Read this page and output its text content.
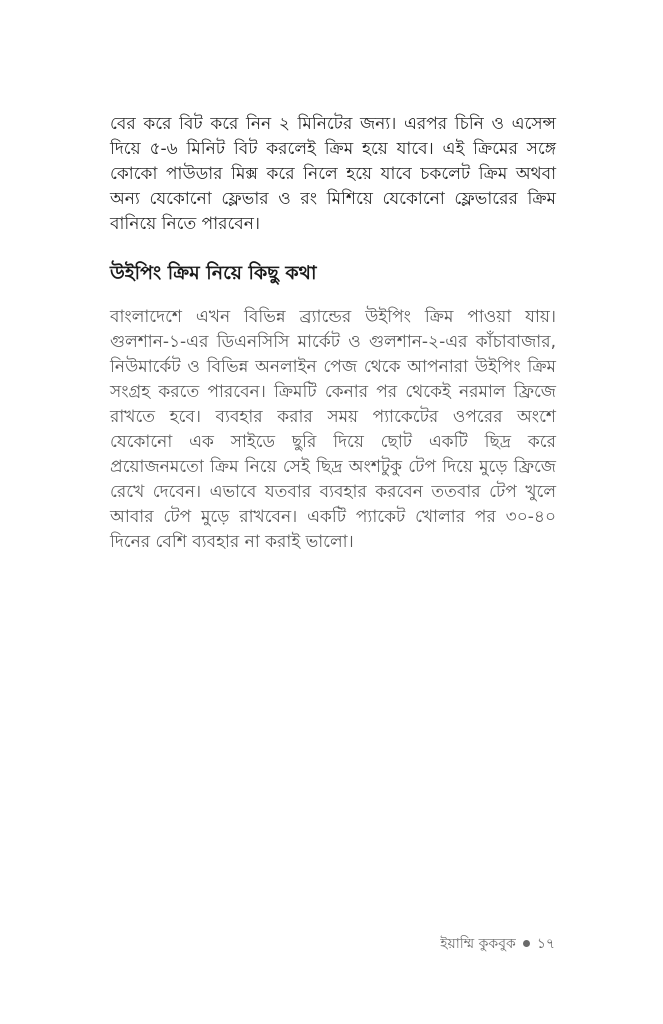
বের করে বিট করে নিন ২ মিনিটের জন্য। এরপর চিনি ও এসেন্স দিয়ে ৫-৬ মিনিট বিট করলেই ক্রিম হয়ে যাবে। এই ক্রিমের সঙ্গে কোকো পাউডার মিক্স করে নিলে হয়ে যাবে চকলেট ক্রিম অথবা অন্য যেকোনো ফ্লেভার ও রং মিশিয়ে যেকোনো ফ্লেভারের ক্রিম বানিয়ে নিতে পারবেন।

উইপিং ক্রিম নিয়ে কিছু কথা

বাংলাদেশে এখন বিভিন্ন ব্র্যান্ডের উইপিং ক্রিম পাওয়া যায়। গুলশান-১-এর ডিএনসিসি মার্কেট ও গুলশান-২-এর কাঁচাবাজার, নিউমার্কেট ও বিভিন্ন অনলাইন পেজ থেকে আপনারা উইপিং ক্রিম সংগ্রহ করতে পারবেন। ক্রিমটি কেনার পর থেকেই নরমাল ফ্রিজে রাখতে হবে। ব্যবহার করার সময় প্যাকেটের ওপরের অংশে যেকোনো এক সাইডে ছুরি দিয়ে ছোট একটি ছিদ্র করে প্রয়োজনমতো ক্রিম নিয়ে সেই ছিদ্র অংশটুকু টেপ দিয়ে মুড়ে ফ্রিজে রেখে দেবেন। এভাবে যতবার ব্যবহার করবেন ততবার টেপ খুলে আবার টেপ মুড়ে রাখবেন। একটি প্যাকেট খোলার পর ৩০-৪০ দিনের বেশি ব্যবহার না করাই ভালো।

ইয়াম্মি কুকবুক ১৭
